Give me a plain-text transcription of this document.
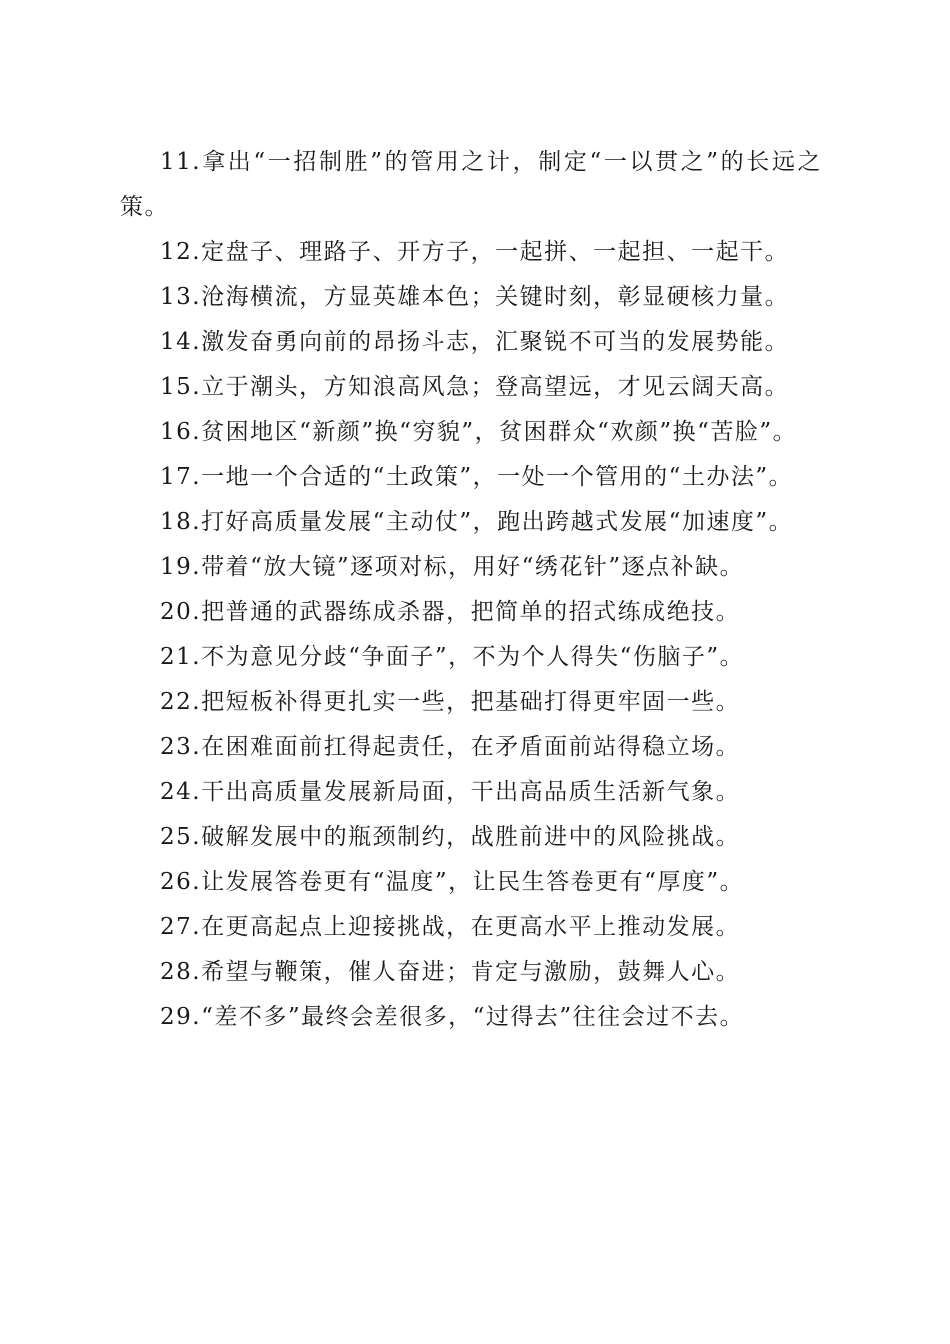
11.拿出“一招制胜”的管用之计，制定“一以贯之”的长远之策。

12.定盘子、理路子、开方子，一起拼、一起担、一起干。

13.沧海横流，方显英雄本色；关键时刻，彰显硬核力量。

14.激发奋勇向前的昂扬斗志，汇聚锐不可当的发展势能。

15.立于潮头，方知浪高风急；登高望远，才见云阔天高。

16.贫困地区“新颜”换“穷貌”，贫困群众“欢颜”换“苦脸”。

17.一地一个合适的“土政策”，一处一个管用的“土办法”。

18.打好高质量发展“主动仗”，跑出跨越式发展“加速度”。

19.带着“放大镜”逐项对标，用好“绣花针”逐点补缺。

20.把普通的武器练成杀器，把简单的招式练成绝技。

21.不为意见分歧“争面子”，不为个人得失“伤脑子”。

22.把短板补得更扎实一些，把基础打得更牢固一些。

23.在困难面前扛得起责任，在矛盾面前站得稳立场。

24.干出高质量发展新局面，干出高品质生活新气象。

25.破解发展中的瓶颈制约，战胜前进中的风险挑战。

26.让发展答卷更有“温度”，让民生答卷更有“厚度”。

27.在更高起点上迎接挑战，在更高水平上推动发展。

28.希望与鞭策，催人奋进；肯定与激励，鼓舞人心。

29.“差不多”最终会差很多，“过得去”往往会过不去。
